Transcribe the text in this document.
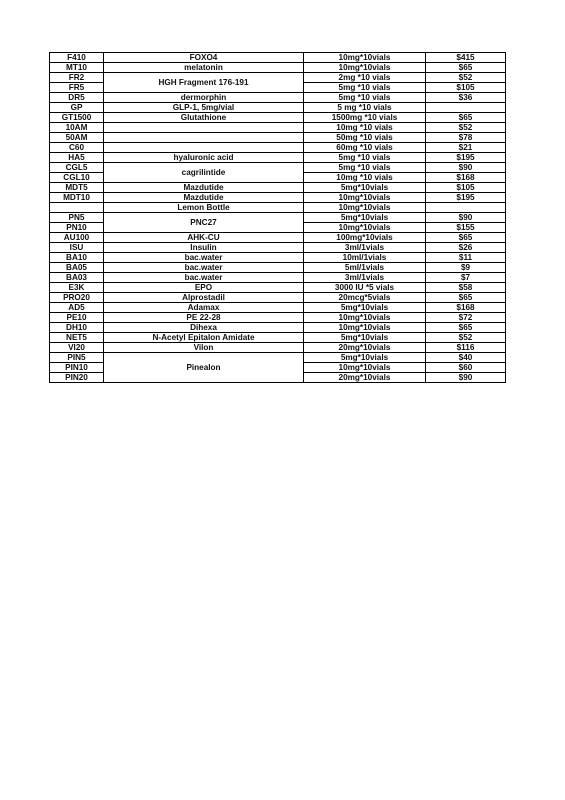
F410	FOXO4	10mg*10vials	$415
MT10	melatonin	10mg*10vials	$65
FR2	HGH Fragment 176-191	2mg *10 vials	$52
FR5		5mg *10 vials	$105
DR5	dermorphin	5mg *10 vials	$36
GP	GLP-1, 5mg/vial	5 mg *10 vials	
GT1500	Glutathione	1500mg *10 vials	$65
10AM		10mg *10 vials	$52
50AM		50mg *10 vials	$78
C60		60mg *10 vials	$21
HA5	hyaluronic acid	5mg *10 vials	$195
CGL5	cagrilintide	5mg *10 vials	$90
CGL10		10mg *10 vials	$168
MDT5	Mazdutide	5mg*10vials	$105
MDT10	Mazdutide	10mg*10vials	$195
	Lemon Bottle	10mg*10vials	
PN5	PNC27	5mg*10vials	$90
PN10		10mg*10vials	$155
AU100	AHK-CU	100mg*10vials	$65
ISU	Insulin	3ml/1vials	$26
BA10	bac.water	10ml/1vials	$11
BA05	bac.water	5ml/1vials	$9
BA03	bac.water	3ml/1vials	$7
E3K	EPO	3000 IU *5 vials	$58
PRO20	Alprostadil	20mcg*5vials	$65
AD5	Adamax	5mg*10vials	$168
PE10	PE 22-28	10mg*10vials	$72
DH10	Dihexa	10mg*10vials	$65
NET5	N-Acetyl Epitalon Amidate	5mg*10vials	$52
VI20	Vilon	20mg*10vials	$116
PIN5	Pinealon	5mg*10vials	$40
PIN10		10mg*10vials	$60
PIN20		20mg*10vials	$90
